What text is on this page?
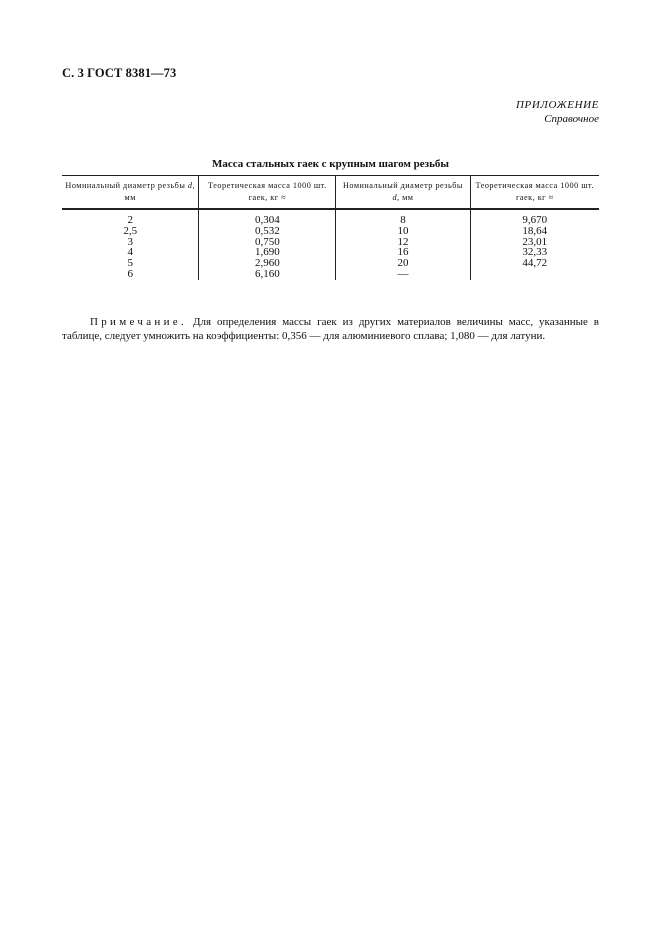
С. 3 ГОСТ 8381—73
ПРИЛОЖЕНИЕ
Справочное
Масса стальных гаек с крупным шагом резьбы
Номинальный диаметр резьбы d, мм	Теоретическая масса 1000 шт. гаек, кг ≈	Номинальный диаметр резьбы d, мм	Теоретическая масса 1000 шт. гаек, кг ≈
2	0,304	8	9,670
2,5	0,532	10	18,64
3	0,750	12	23,01
4	1,690	16	32,33
5	2,960	20	44,72
6	6,160	—	

Примечание. Для определения массы гаек из других материалов величины масс, указанные в таблице, следует умножить на коэффициенты: 0,356 — для алюминиевого сплава; 1,080 — для латуни.
